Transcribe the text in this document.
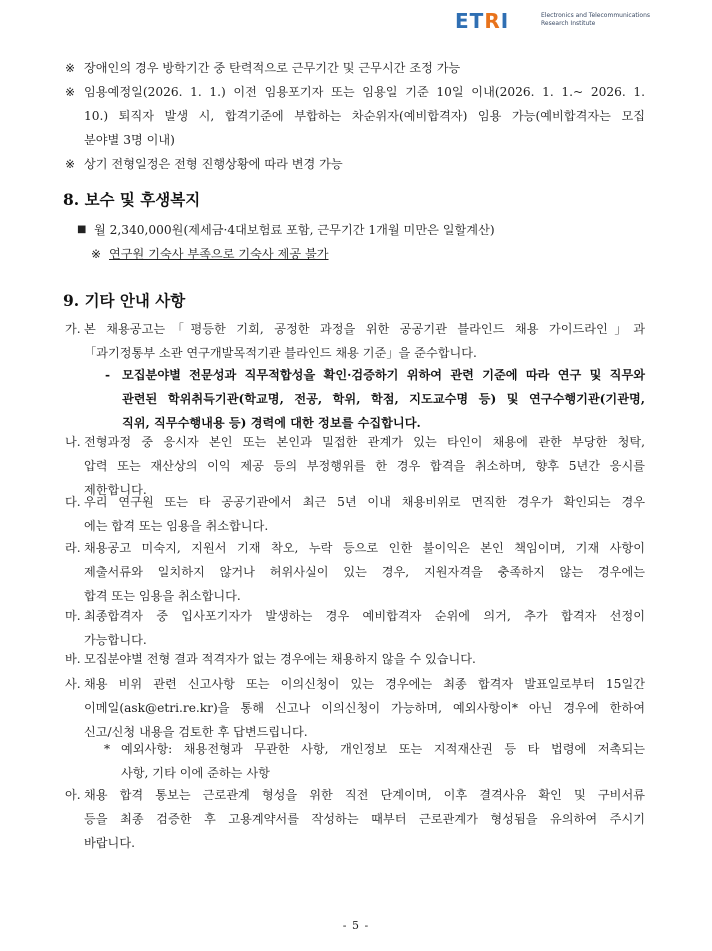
ETRI	Electronics and Telecommunications
Research Institute
※ 장애인의 경우 방학기간 중 탄력적으로 근무기간 및 근무시간 조정 가능
※ 임용예정일(2026. 1. 1.) 이전 임용포기자 또는 임용일 기준 10일 이내(2026. 1. 1.~ 2026. 1.
10.) 퇴직자 발생 시, 합격기준에 부합하는 차순위자(예비합격자) 임용 가능(예비합격자는 모집
분야별 3명 이내)
※ 상기 전형일정은 전형 진행상황에 따라 변경 가능
8. 보수 및 후생복지
■ 월 2,340,000원(제세금·4대보험료 포함, 근무기간 1개월 미만은 일할계산)
※ 연구원 기숙사 부족으로 기숙사 제공 불가
9. 기타 안내 사항
가. 본 채용공고는「평등한 기회, 공정한 과정을 위한 공공기관 블라인드 채용 가이드라인」과
「과기정통부 소관 연구개발목적기관 블라인드 채용 기준」을 준수합니다.
- 모집분야별 전문성과 직무적합성을 확인·검증하기 위하여 관련 기준에 따라 연구 및 직무와
관련된 학위취득기관(학교명, 전공, 학위, 학점, 지도교수명 등) 및 연구수행기관(기관명,
직위, 직무수행내용 등) 경력에 대한 정보를 수집합니다.
나. 전형과정 중 응시자 본인 또는 본인과 밀접한 관계가 있는 타인이 채용에 관한 부당한 청탁,
압력 또는 재산상의 이익 제공 등의 부정행위를 한 경우 합격을 취소하며, 향후 5년간 응시를
제한합니다.
다. 우리 연구원 또는 타 공공기관에서 최근 5년 이내 채용비위로 면직한 경우가 확인되는 경우
에는 합격 또는 임용을 취소합니다.
라. 채용공고 미숙지, 지원서 기재 착오, 누락 등으로 인한 불이익은 본인 책임이며, 기재 사항이
제출서류와 일치하지 않거나 허위사실이 있는 경우, 지원자격을 충족하지 않는 경우에는
합격 또는 임용을 취소합니다.
마. 최종합격자 중 입사포기자가 발생하는 경우 예비합격자 순위에 의거, 추가 합격자 선정이
가능합니다.
바. 모집분야별 전형 결과 적격자가 없는 경우에는 채용하지 않을 수 있습니다.
사. 채용 비위 관련 신고사항 또는 이의신청이 있는 경우에는 최종 합격자 발표일로부터 15일간
이메일(ask@etri.re.kr)을 통해 신고나 이의신청이 가능하며, 예외사항이* 아닌 경우에 한하여
신고/신청 내용을 검토한 후 답변드립니다.
* 예외사항: 채용전형과 무관한 사항, 개인정보 또는 지적재산권 등 타 법령에 저촉되는
사항, 기타 이에 준하는 사항
아. 채용 합격 통보는 근로관계 형성을 위한 직전 단계이며, 이후 결격사유 확인 및 구비서류
등을 최종 검증한 후 고용계약서를 작성하는 때부터 근로관계가 형성됨을 유의하여 주시기
바랍니다.
- 5 -
